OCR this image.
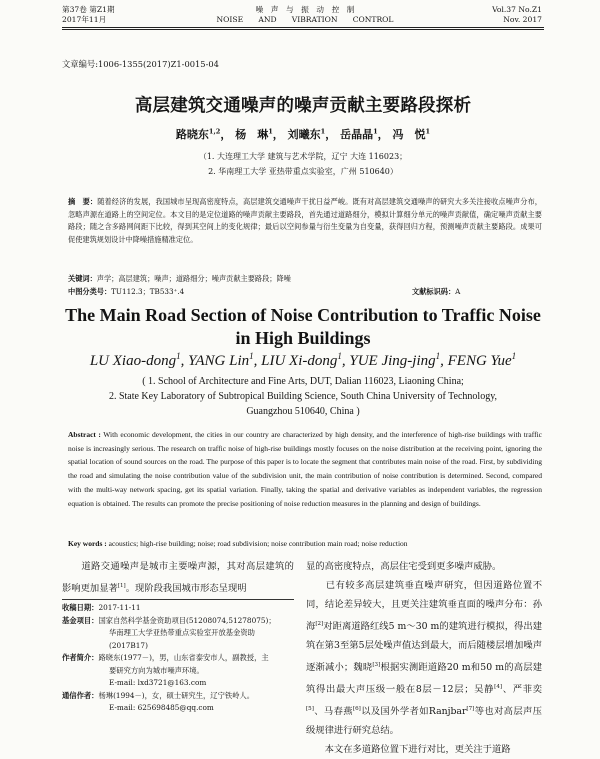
第37卷 第Z1期
2017年11月
噪　声　与　振　动　控　制
NOISE　　AND　　VIBRATION　　CONTROL
Vol.37 No.Z1
Nov. 2017
文章编号:1006-1355(2017)Z1-0015-04
高层建筑交通噪声的噪声贡献主要路段探析
路晓东$^{1,2}$， 杨　琳$^1$， 刘曦东$^1$， 岳晶晶$^1$， 冯　悦$^1$
（1. 大连理工大学 建筑与艺术学院，辽宁 大连 116023；
2. 华南理工大学 亚热带重点实验室，广州 510640）
摘　要：随着经济的发展，我国城市呈现高密度特点，高层建筑交通噪声干扰日益严峻。既有对高层建筑交通噪声的研究大多关注接收点噪声分布，忽略声源在道路上的空间定位。本文目的是定位道路的噪声贡献主要路段，首先通过道路细分，模拟计算细分单元的噪声贡献值，确定噪声贡献主要路段；随之含多路网间距下比较，得到其空间上的变化规律；最后以空间参量与衍生变量为自变量，获得回归方程，预测噪声贡献主要路段。成果可促使建筑规划设计中降噪措施精准定位。
关键词：声学；高层建筑；噪声；道路细分；噪声贡献主要路段；降噪
中图分类号：TU112.3；TB533⁺.4	文献标识码：A
The Main Road Section of Noise Contribution to Traffic Noise in High Buildings
LU Xiao-dong$^1$, YANG Lin$^1$, LIU Xi-dong$^1$, YUE Jing-jing$^1$, FENG Yue$^1$
( 1. School of Architecture and Fine Arts, DUT, Dalian 116023, Liaoning China;
2. State Key Laboratory of Subtropical Building Science, South China University of Technology,
Guangzhou 510640, China )
Abstract : With economic development, the cities in our country are characterized by high density, and the interference of high-rise buildings with traffic noise is increasingly serious. The research on traffic noise of high-rise buildings mostly focuses on the noise distribution at the receiving point, ignoring the spatial location of sound sources on the road. The purpose of this paper is to locate the segment that contributes main noise of the road. First, by subdividing the road and simulating the noise contribution value of the subdivision unit, the main contribution of noise contribution is determined. Second, compared with the multi-way network spacing, get its spatial variation. Finally, taking the spatial and derivative variables as independent variables, the regression equation is obtained. The results can promote the precise positioning of noise reduction measures in the planning and design of buildings.
Key words : acoustics; high-rise building; noise; road subdivision; noise contribution main road; noise reduction
　　道路交通噪声是城市主要噪声源，其对高层建筑的影响更加显著[1]。现阶段我国城市形态呈现明
收稿日期： 2017-11-11
基金项目： 国家自然科学基金资助项目(51208074,51278075)；
华南理工大学亚热带重点实验室开放基金资助
(2017B17)
作者简介： 路晓东(1977－)，男，山东省泰安市人，副教授，主
要研究方向为城市噪声环境。
E-mail: lxd3721@163.com
通信作者： 杨琳(1994－)，女，硕士研究生，辽宁铁岭人。
E-mail: 625698485@qq.com
显的高密度特点，高层住宅受到更多噪声威胁。
　　已有较多高层建筑垂直噪声研究，但因道路位置不同，结论差异较大，且更关注建筑垂直面的噪声分布：孙海[2]对距离道路红线5 m～30 m的建筑进行模拟，得出建筑在第3至第5层处噪声值达到最大，而后随楼层增加噪声逐渐减小；魏晓[3]根据实测距道路20 m和50 m的高层建筑得出最大声压级一般在8层－12层；吴静[4]、严菲奕[5]、马春燕[6]以及国外学者如Ranjbar[7]等也对高层声压级规律进行研究总结。
　　本文在多道路位置下进行对比，更关注于道路
